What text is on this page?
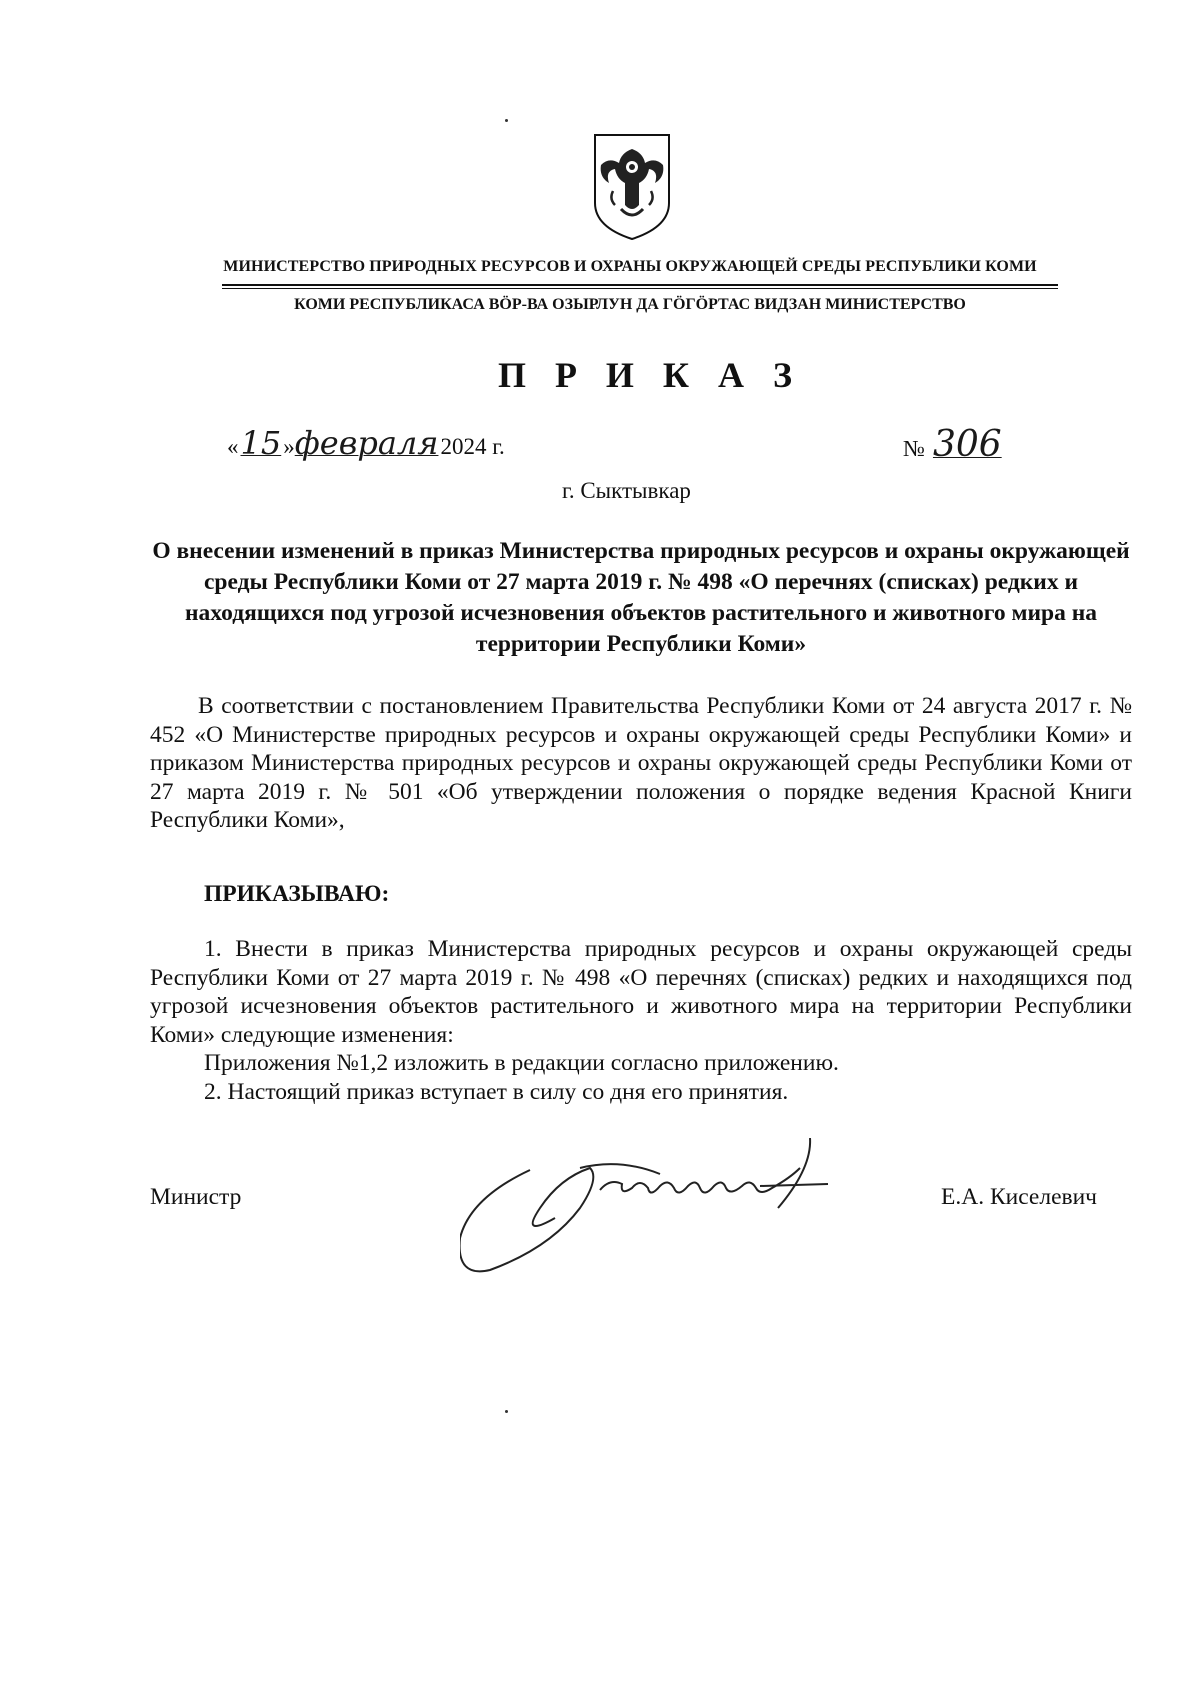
МИНИСТЕРСТВО ПРИРОДНЫХ РЕСУРСОВ И ОХРАНЫ ОКРУЖАЮЩЕЙ СРЕДЫ РЕСПУБЛИКИ КОМИ
КОМИ РЕСПУБЛИКАСА ВӦР-ВА ОЗЫРЛУН ДА ГӦГӦРТАС ВИДЗАН МИНИСТЕРСТВО
П Р И К А З
«15»февраля2024 г.	№ 306
г. Сыктывкар
О внесении изменений в приказ Министерства природных ресурсов и охраны окружающей среды Республики Коми от 27 марта 2019 г. № 498 «О перечнях (списках) редких и находящихся под угрозой исчезновения объектов растительного и животного мира на территории Республики Коми»
В соответствии с постановлением Правительства Республики Коми от 24 августа 2017 г. № 452 «О Министерстве природных ресурсов и охраны окружающей среды Республики Коми» и приказом Министерства природных ресурсов и охраны окружающей среды Республики Коми от 27 марта 2019 г. № 501 «Об утверждении положения о порядке ведения Красной Книги Республики Коми»,
ПРИКАЗЫВАЮ:

1. Внести в приказ Министерства природных ресурсов и охраны окружающей среды Республики Коми от 27 марта 2019 г. № 498 «О перечнях (списках) редких и находящихся под угрозой исчезновения объектов растительного и животного мира на территории Республики Коми» следующие изменения:

Приложения №1,2 изложить в редакции согласно приложению.

2. Настоящий приказ вступает в силу со дня его принятия.

Министр	Е.А. Киселевич
